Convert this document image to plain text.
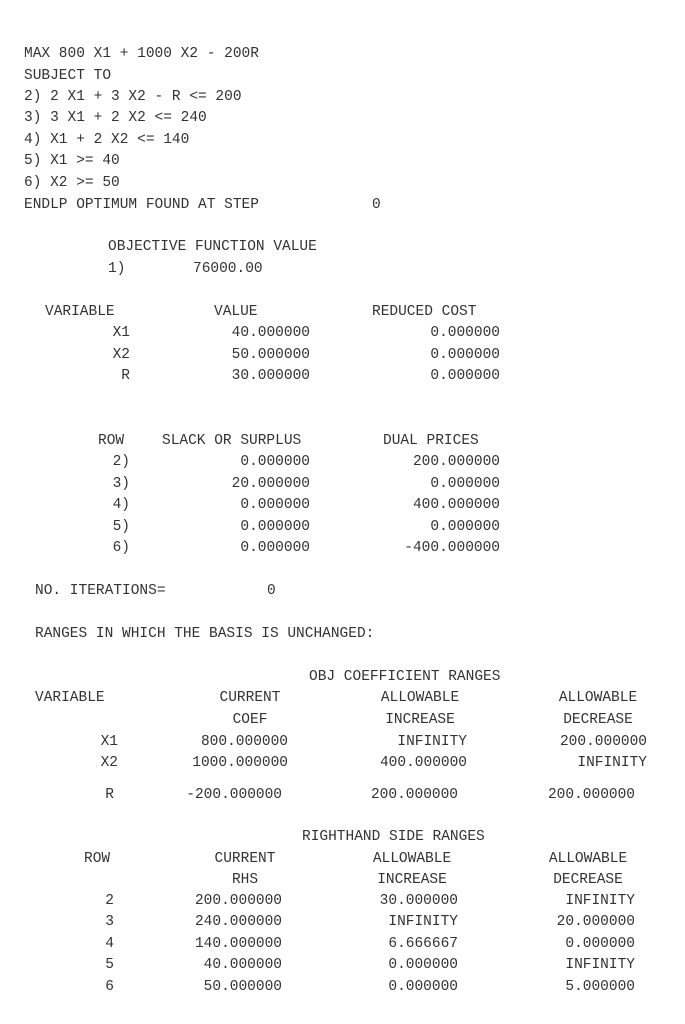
MAX 800 X1 + 1000 X2 - 200R
SUBJECT TO
2) 2 X1 + 3 X2 - R <= 200
3) 3 X1 + 2 X2 <= 240
4) X1 + 2 X2 <= 140
5) X1 >= 40
6) X2 >= 50
ENDLP OPTIMUM FOUND AT STEP	0
OBJECTIVE FUNCTION VALUE
1)	76000.00
VARIABLE	VALUE	REDUCED COST
X1	40.000000	0.000000
X2	50.000000	0.000000
R	30.000000	0.000000
ROW	SLACK OR SURPLUS	DUAL PRICES
2)	0.000000	200.000000
3)	20.000000	0.000000
4)	0.000000	400.000000
5)	0.000000	0.000000
6)	0.000000	-400.000000
NO. ITERATIONS=	0
RANGES IN WHICH THE BASIS IS UNCHANGED:
OBJ COEFFICIENT RANGES
VARIABLE	CURRENT	ALLOWABLE	ALLOWABLE
COEF	INCREASE	DECREASE
X1	800.000000	INFINITY	200.000000
X2	1000.000000	400.000000	INFINITY
R	-200.000000	200.000000	200.000000
RIGHTHAND SIDE RANGES
ROW	CURRENT	ALLOWABLE	ALLOWABLE
RHS	INCREASE	DECREASE
2	200.000000	30.000000	INFINITY
3	240.000000	INFINITY	20.000000
4	140.000000	6.666667	0.000000
5	40.000000	0.000000	INFINITY
6	50.000000	0.000000	5.000000
